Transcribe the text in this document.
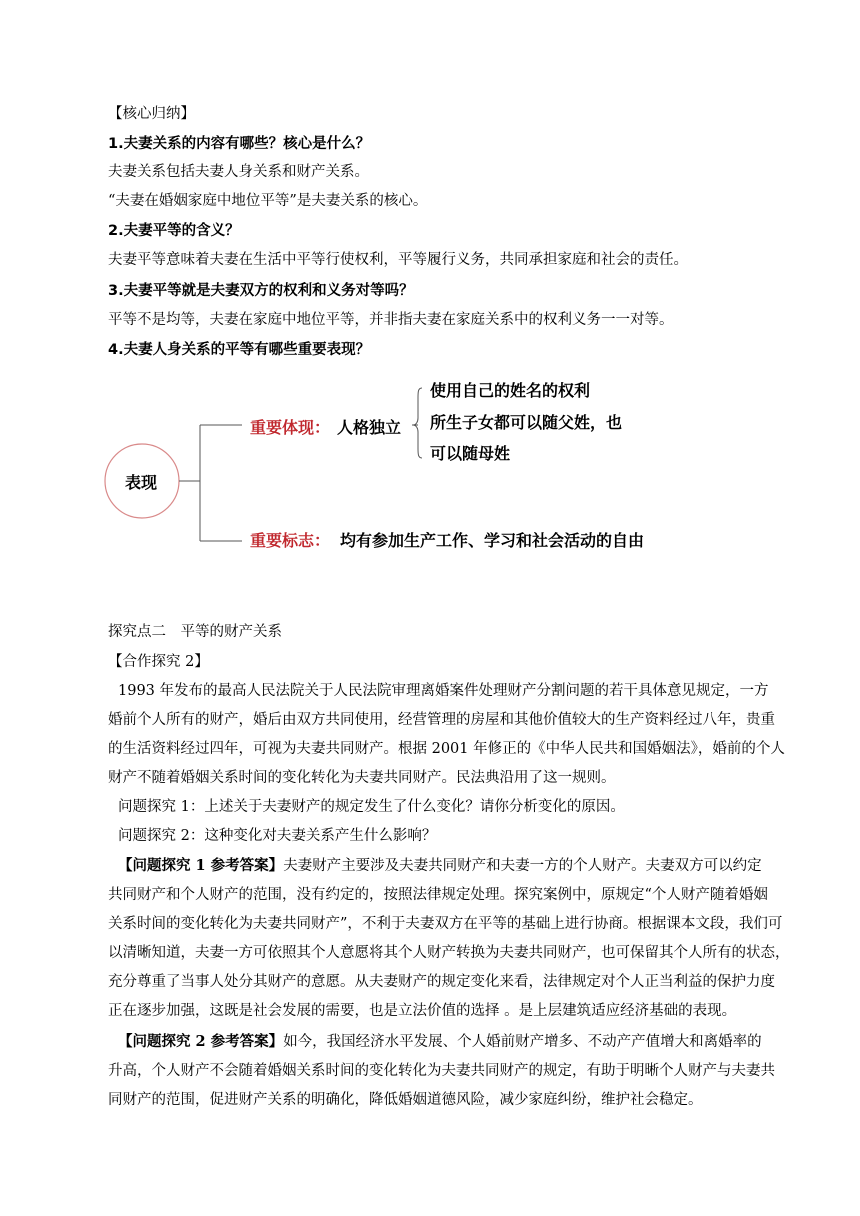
【核心归纳】
1.夫妻关系的内容有哪些？核心是什么？
夫妻关系包括夫妻人身关系和财产关系。
“夫妻在婚姻家庭中地位平等”是夫妻关系的核心。
2.夫妻平等的含义？
夫妻平等意味着夫妻在生活中平等行使权利，平等履行义务，共同承担家庭和社会的责任。
3.夫妻平等就是夫妻双方的权利和义务对等吗？
平等不是均等，夫妻在家庭中地位平等，并非指夫妻在家庭关系中的权利义务一一对等。
4.夫妻人身关系的平等有哪些重要表现？
表现
重要体现： 人格独立
使用自己的姓名的权利
所生子女都可以随父姓，也
可以随母姓
重要标志： 均有参加生产工作、学习和社会活动的自由
探究点二　平等的财产关系
【合作探究 2】
1993 年发布的最高人民法院关于人民法院审理离婚案件处理财产分割问题的若干具体意见规定，一方
婚前个人所有的财产，婚后由双方共同使用，经营管理的房屋和其他价值较大的生产资料经过八年，贵重
的生活资料经过四年，可视为夫妻共同财产。根据 2001 年修正的《中华人民共和国婚姻法》，婚前的个人
财产不随着婚姻关系时间的变化转化为夫妻共同财产。民法典沿用了这一规则。
问题探究 1：上述关于夫妻财产的规定发生了什么变化？请你分析变化的原因。
问题探究 2：这种变化对夫妻关系产生什么影响？
【问题探究 1 参考答案】夫妻财产主要涉及夫妻共同财产和夫妻一方的个人财产。夫妻双方可以约定
共同财产和个人财产的范围，没有约定的，按照法律规定处理。探究案例中，原规定“个人财产随着婚姻
关系时间的变化转化为夫妻共同财产”，不利于夫妻双方在平等的基础上进行协商。根据课本文段，我们可
以清晰知道，夫妻一方可依照其个人意愿将其个人财产转换为夫妻共同财产，也可保留其个人所有的状态，
充分尊重了当事人处分其财产的意愿。从夫妻财产的规定变化来看，法律规定对个人正当利益的保护力度
正在逐步加强，这既是社会发展的需要，也是立法价值的选择 。是上层建筑适应经济基础的表现。
【问题探究 2 参考答案】如今，我国经济水平发展、个人婚前财产增多、不动产产值增大和离婚率的
升高，个人财产不会随着婚姻关系时间的变化转化为夫妻共同财产的规定，有助于明晰个人财产与夫妻共
同财产的范围，促进财产关系的明确化，降低婚姻道德风险，减少家庭纠纷，维护社会稳定。
